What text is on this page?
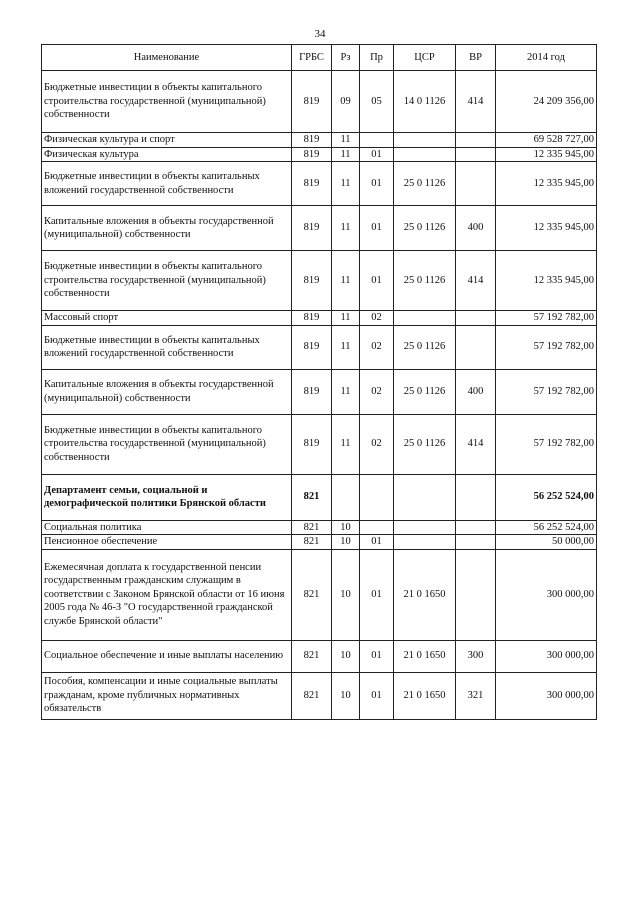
34
Наименование	ГРБС	Рз	Пр	ЦСР	ВР	2014 год
Бюджетные инвестиции в объекты капитального строительства государственной (муниципальной) собственности	819	09	05	14 0 1126	414	24 209 356,00
Физическая культура и спорт	819	11				69 528 727,00
Физическая культура	819	11	01			12 335 945,00
Бюджетные инвестиции в объекты капитальных вложений государственной собственности	819	11	01	25 0 1126		12 335 945,00
Капитальные вложения в объекты государственной (муниципальной) собственности	819	11	01	25 0 1126	400	12 335 945,00
Бюджетные инвестиции в объекты капитального строительства государственной (муниципальной) собственности	819	11	01	25 0 1126	414	12 335 945,00
Массовый спорт	819	11	02			57 192 782,00
Бюджетные инвестиции в объекты капитальных вложений государственной собственности	819	11	02	25 0 1126		57 192 782,00
Капитальные вложения в объекты государственной (муниципальной) собственности	819	11	02	25 0 1126	400	57 192 782,00
Бюджетные инвестиции в объекты капитального строительства государственной (муниципальной) собственности	819	11	02	25 0 1126	414	57 192 782,00
Департамент семьи, социальной и демографической политики Брянской области	821					56 252 524,00
Социальная политика	821	10				56 252 524,00
Пенсионное обеспечение	821	10	01			50 000,00
Ежемесячная доплата к государственной пенсии государственным гражданским служащим в соответствии с Законом Брянской области от 16 июня 2005 года № 46-З "О государственной гражданской службе Брянской области"	821	10	01	21 0 1650		300 000,00
Социальное обеспечение и иные выплаты населению	821	10	01	21 0 1650	300	300 000,00
Пособия, компенсации и иные социальные выплаты гражданам, кроме публичных нормативных обязательств	821	10	01	21 0 1650	321	300 000,00
